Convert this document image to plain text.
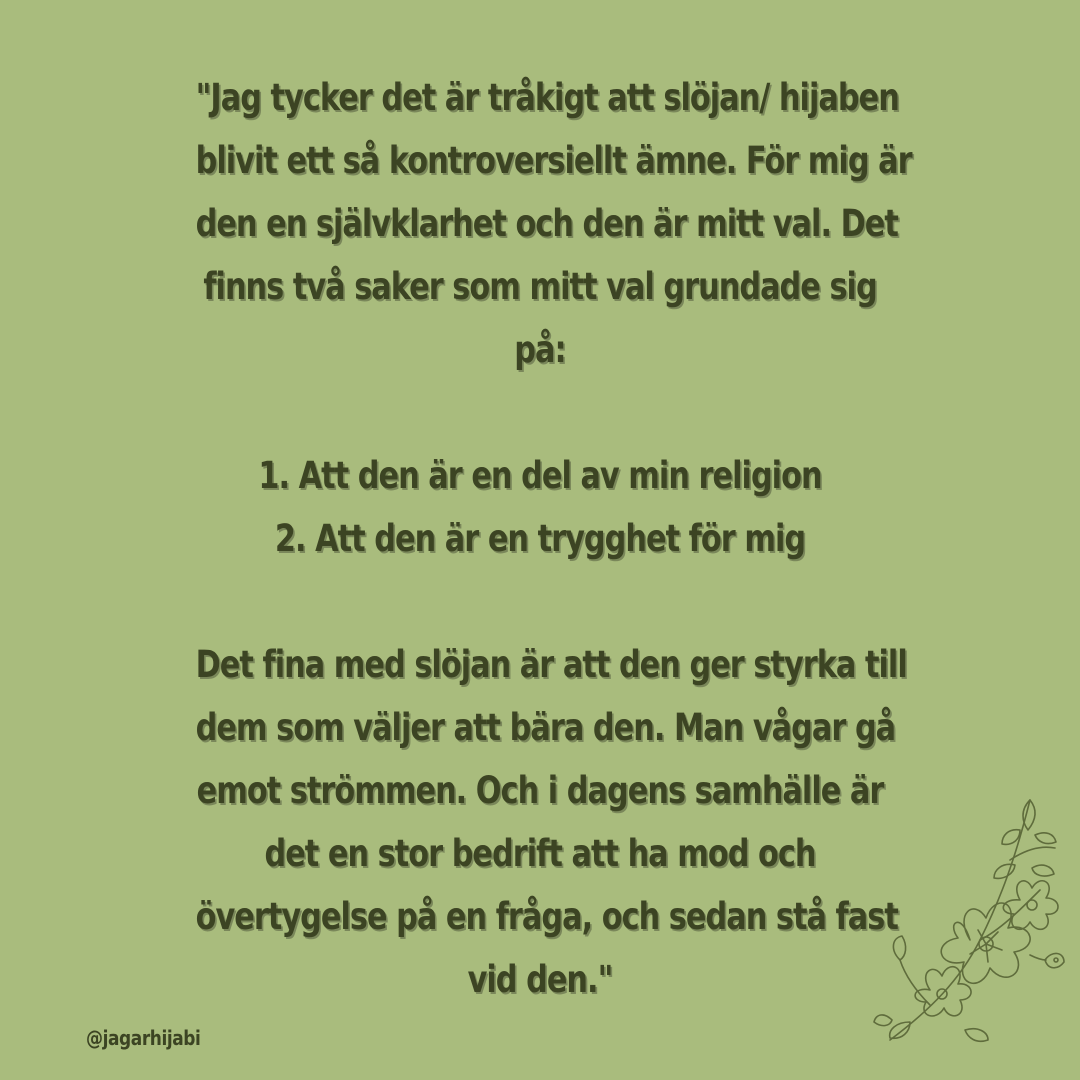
"Jag tycker det är tråkigt att slöjan/ hijaben
blivit ett så kontroversiellt ämne. För mig är
den en självklarhet och den är mitt val. Det
finns två saker som mitt val grundade sig
på:
1. Att den är en del av min religion
2. Att den är en trygghet för mig
Det fina med slöjan är att den ger styrka till
dem som väljer att bära den. Man vågar gå
emot strömmen. Och i dagens samhälle är
det en stor bedrift att ha mod och
övertygelse på en fråga, och sedan stå fast
vid den."
@jagarhijabi
